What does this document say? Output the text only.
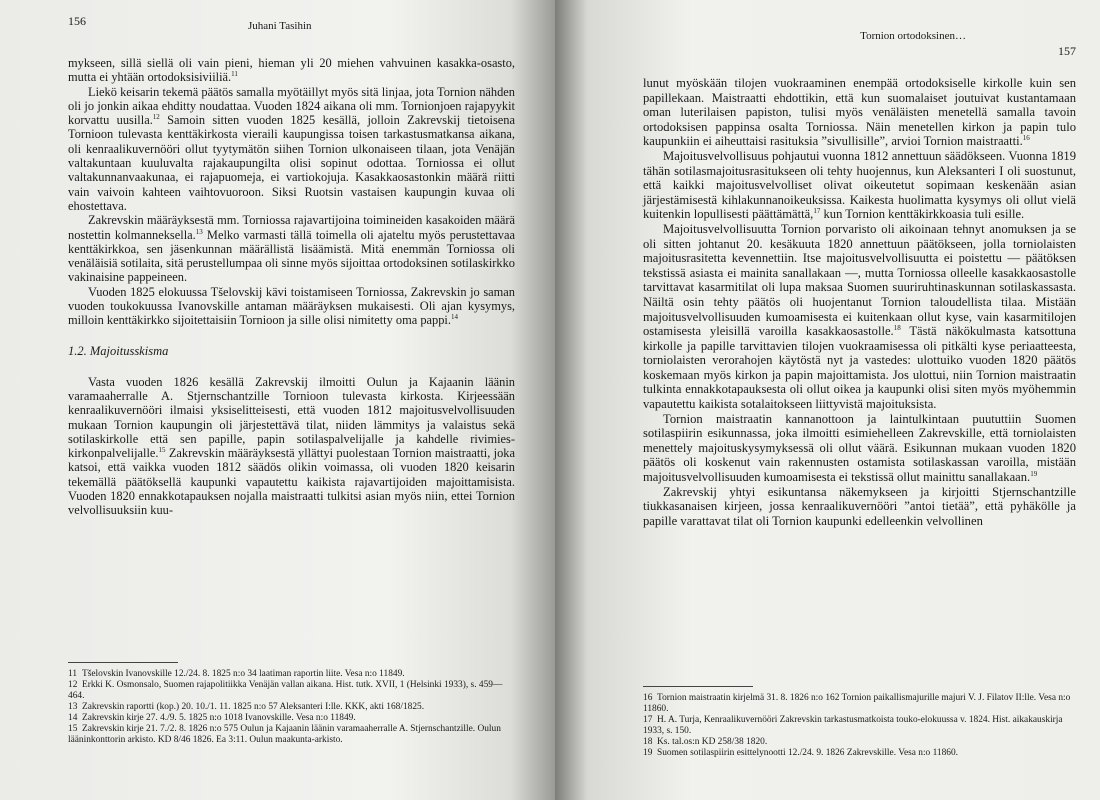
156	Juhani Tasihin

mykseen, sillä siellä oli vain pieni, hieman yli 20 miehen vahvuinen kasakka-osasto, mutta ei yhtään ortodoksisiviiliä.$^{11}$

Liekö keisarin tekemä päätös samalla myötäillyt myös sitä linjaa, jota Tornion nähden oli jo jonkin aikaa ehditty noudattaa. Vuoden 1824 aikana oli mm. Tornionjoen rajapyykit korvattu uusilla.$^{12}$ Samoin sitten vuoden 1825 kesällä, jolloin Zakrevskij tietoisena Tornioon tulevasta kenttäkirkosta vieraili kaupungissa toisen tarkastusmatkansa aikana, oli kenraalikuvernööri ollut tyytymätön siihen Tornion ulkonaiseen tilaan, jota Venäjän valtakuntaan kuuluvalta rajakaupungilta olisi sopinut odottaa. Torniossa ei ollut valtakunnanvaakunaa, ei rajapuomeja, ei vartiokojuja. Kasakkaosastonkin määrä riitti vain vaivoin kahteen vaihtovuoroon. Siksi Ruotsin vastaisen kaupungin kuvaa oli ehostettava.

Zakrevskin määräyksestä mm. Torniossa rajavartijoina toimineiden kasakoiden määrä nostettin kolmanneksella.$^{13}$ Melko varmasti tällä toimella oli ajateltu myös perustettavaa kenttäkirkkoa, sen jäsenkunnan määrällistä lisäämistä. Mitä enemmän Torniossa oli venäläisiä sotilaita, sitä perustellumpaa oli sinne myös sijoittaa ortodoksinen sotilaskirkko vakinaisine pappeineen.

Vuoden 1825 elokuussa Tšelovskij kävi toistamiseen Torniossa, Zakrevskin jo saman vuoden toukokuussa Ivanovskille antaman määräyksen mukaisesti. Oli ajan kysymys, milloin kenttäkirkko sijoitettaisiin Tornioon ja sille olisi nimitetty oma pappi.$^{14}$

1.2. Majoitusskisma

Vasta vuoden 1826 kesällä Zakrevskij ilmoitti Oulun ja Kajaanin läänin varamaaherralle A. Stjernschantzille Tornioon tulevasta kirkosta. Kirjeessään kenraalikuvernööri ilmaisi yksiselitteisesti, että vuoden 1812 majoitusvelvollisuuden mukaan Tornion kaupungin oli järjestettävä tilat, niiden lämmitys ja valaistus sekä sotilaskirkolle että sen papille, papin sotilaspalvelijalle ja kahdelle rivimies-kirkonpalvelijalle.$^{15}$ Zakrevskin määräyksestä yllättyi puolestaan Tornion maistraatti, joka katsoi, että vaikka vuoden 1812 säädös olikin voimassa, oli vuoden 1820 keisarin tekemällä päätöksellä kaupunki vapautettu kaikista rajavartijoiden majoittamisista. Vuoden 1820 ennakkotapauksen nojalla maistraatti tulkitsi asian myös niin, ettei Tornion velvollisuuksiin kuu-

11 Tšelovskin Ivanovskille 12./24. 8. 1825 n:o 34 laatiman raportin liite. Vesa n:o 11849.

12 Erkki K. Osmonsalo, Suomen rajapolitiikka Venäjän vallan aikana. Hist. tutk. XVII, 1 (Helsinki 1933), s. 459—464.

13 Zakrevskin raportti (kop.) 20. 10./1. 11. 1825 n:o 57 Aleksanteri I:lle. KKK, akti 168/1825.

14 Zakrevskin kirje 27. 4./9. 5. 1825 n:o 1018 Ivanovskille. Vesa n:o 11849.

15 Zakrevskin kirje 21. 7./2. 8. 1826 n:o 575 Oulun ja Kajaanin läänin varamaaherralle A. Stjernschantzille. Oulun lääninkonttorin arkisto. KD 8/46 1826. Ea 3:11. Oulun maakunta-arkisto.

Tornion ortodoksinen…
157

lunut myöskään tilojen vuokraaminen enempää ortodoksiselle kirkolle kuin sen papillekaan. Maistraatti ehdottikin, että kun suomalaiset joutuivat kustantamaan oman luterilaisen papiston, tulisi myös venäläisten menetellä samalla tavoin ortodoksisen pappinsa osalta Torniossa. Näin menetellen kirkon ja papin tulo kaupunkiin ei aiheuttaisi rasituksia ”sivullisille”, arvioi Tornion maistraatti.$^{16}$

Majoitusvelvollisuus pohjautui vuonna 1812 annettuun säädökseen. Vuonna 1819 tähän sotilasmajoitusrasitukseen oli tehty huojennus, kun Aleksanteri I oli suostunut, että kaikki majoitusvelvolliset olivat oikeutetut sopimaan keskenään asian järjestämisestä kihlakunnanoikeuksissa. Kaikesta huolimatta kysymys oli ollut vielä kuitenkin lopullisesti päättämättä,$^{17}$ kun Tornion kenttäkirkkoasia tuli esille.

Majoitusvelvollisuutta Tornion porvaristo oli aikoinaan tehnyt anomuksen ja se oli sitten johtanut 20. kesäkuuta 1820 annettuun päätökseen, jolla torniolaisten majoitusrasitetta kevennettiin. Itse majoitusvelvollisuutta ei poistettu — päätöksen tekstissä asiasta ei mainita sanallakaan —, mutta Torniossa olleelle kasakkaosastolle tarvittavat kasarmitilat oli lupa maksaa Suomen suuriruhtinaskunnan sotilaskassasta. Näiltä osin tehty päätös oli huojentanut Tornion taloudellista tilaa. Mistään majoitusvelvollisuuden kumoamisesta ei kuitenkaan ollut kyse, vain kasarmitilojen ostamisesta yleisillä varoilla kasakkaosastolle.$^{18}$ Tästä näkökulmasta katsottuna kirkolle ja papille tarvittavien tilojen vuokraamisessa oli pitkälti kyse periaatteesta, torniolaisten verorahojen käytöstä nyt ja vastedes: ulottuiko vuoden 1820 päätös koskemaan myös kirkon ja papin majoittamista. Jos ulottui, niin Tornion maistraatin tulkinta ennakkotapauksesta oli ollut oikea ja kaupunki olisi siten myös myöhemmin vapautettu kaikista sotalaitokseen liittyvistä majoituksista.

Tornion maistraatin kannanottoon ja laintulkintaan puututtiin Suomen sotilaspiirin esikunnassa, joka ilmoitti esimiehelleen Zakrevskille, että torniolaisten menettely majoituskysymyksessä oli ollut väärä. Esikunnan mukaan vuoden 1820 päätös oli koskenut vain rakennusten ostamista sotilaskassan varoilla, mistään majoitusvelvollisuuden kumoamisesta ei tekstissä ollut mainittu sanallakaan.$^{19}$

Zakrevskij yhtyi esikuntansa näkemykseen ja kirjoitti Stjernschantzille tiukkasanaisen kirjeen, jossa kenraalikuvernööri ”antoi tietää”, että pyhäkölle ja papille varattavat tilat oli Tornion kaupunki edelleenkin velvollinen

16 Tornion maistraatin kirjelmä 31. 8. 1826 n:o 162 Tornion paikallismajurille majuri V. J. Filatov II:lle. Vesa n:o 11860.

17 H. A. Turja, Kenraalikuvernööri Zakrevskin tarkastusmatkoista touko-elokuussa v. 1824. Hist. aikakauskirja 1933, s. 150.

18 Ks. tal.os:n KD 258/38 1820.

19 Suomen sotilaspiirin esittelynootti 12./24. 9. 1826 Zakrevskille. Vesa n:o 11860.
